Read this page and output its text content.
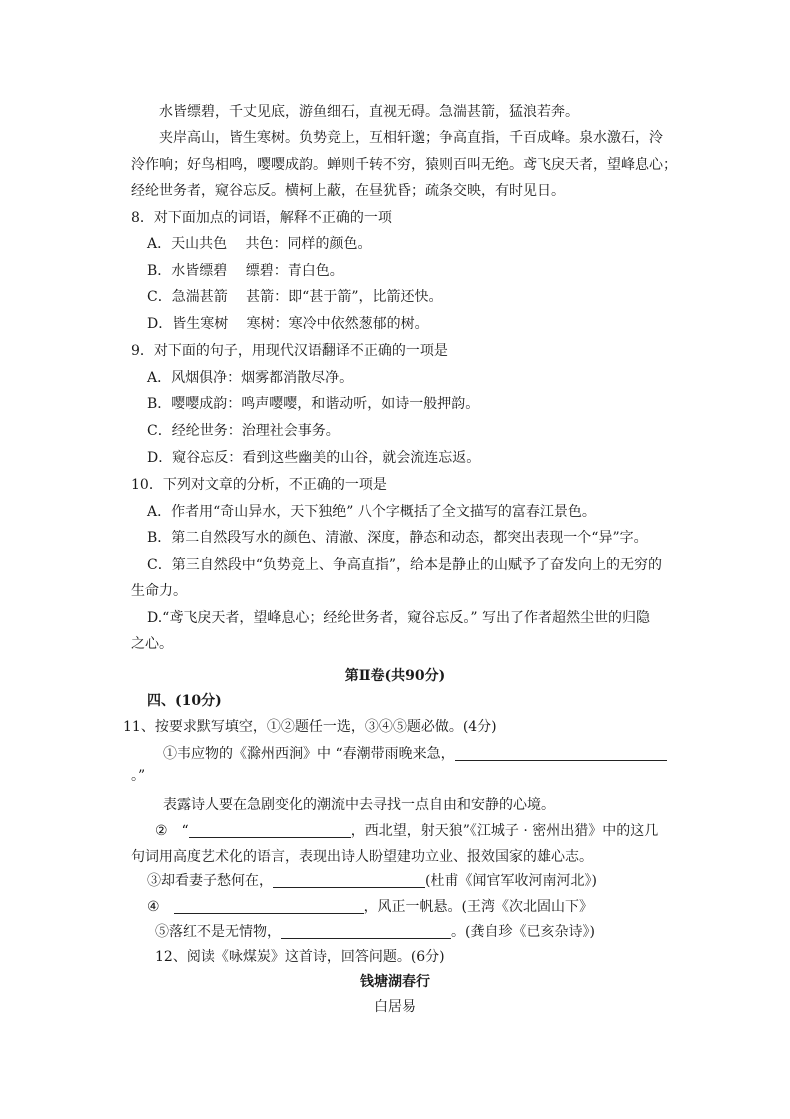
水皆缥碧，千丈见底，游鱼细石，直视无碍。急湍甚箭，猛浪若奔。
夹岸高山，皆生寒树。负势竞上，互相轩邈；争高直指，千百成峰。泉水激石，泠
泠作响；好鸟相鸣，嘤嘤成韵。蝉则千转不穷，猿则百叫无绝。鸢飞戾天者，望峰息心；
经纶世务者，窥谷忘反。横柯上蔽，在昼犹昏；疏条交映，有时见日。
8．对下面加点的词语，解释不正确的一项
A．天山共色　 共色：同样的颜色。
B．水皆缥碧　 缥碧：青白色。
C．急湍甚箭　 甚箭：即“甚于箭”，比箭还快。
D．皆生寒树　 寒树：寒冷中依然葱郁的树。
9．对下面的句子，用现代汉语翻译不正确的一项是
A．风烟俱净：烟雾都消散尽净。
B．嘤嘤成韵：鸣声嘤嘤，和谐动听，如诗一般押韵。
C．经纶世务：治理社会事务。
D．窥谷忘反：看到这些幽美的山谷，就会流连忘返。
10．下列对文章的分析，不正确的一项是
A．作者用“奇山异水，天下独绝” 八个字概括了全文描写的富春江景色。
B．第二自然段写水的颜色、清澈、深度，静态和动态，都突出表现一个“异”字。
C．第三自然段中“负势竞上、争高直指”，给本是静止的山赋予了奋发向上的无穷的
生命力。
D.“鸢飞戾天者，望峰息心；经纶世务者，窥谷忘反。” 写出了作者超然尘世的归隐
之心。
第Ⅱ卷(共90分)
四、(10分)
11、按要求默写填空，①②题任一选，③④⑤题必做。(4分)
①韦应物的《滁州西涧》中 “春潮带雨晚来急，
。”
表露诗人要在急剧变化的潮流中去寻找一点自由和安静的心境。
②　“	，西北望，射天狼”《江城子 · 密州出猎》中的这几
句词用高度艺术化的语言，表现出诗人盼望建功立业、报效国家的雄心志。
③却看妻子愁何在，	(杜甫《闻官军收河南河北》)
④	，风正一帆悬。(王湾《次北固山下》
⑤落红不是无情物，	。(龚自珍《已亥杂诗》)
12、阅读《咏煤炭》这首诗，回答问题。(6分)
钱塘湖春行
白居易
